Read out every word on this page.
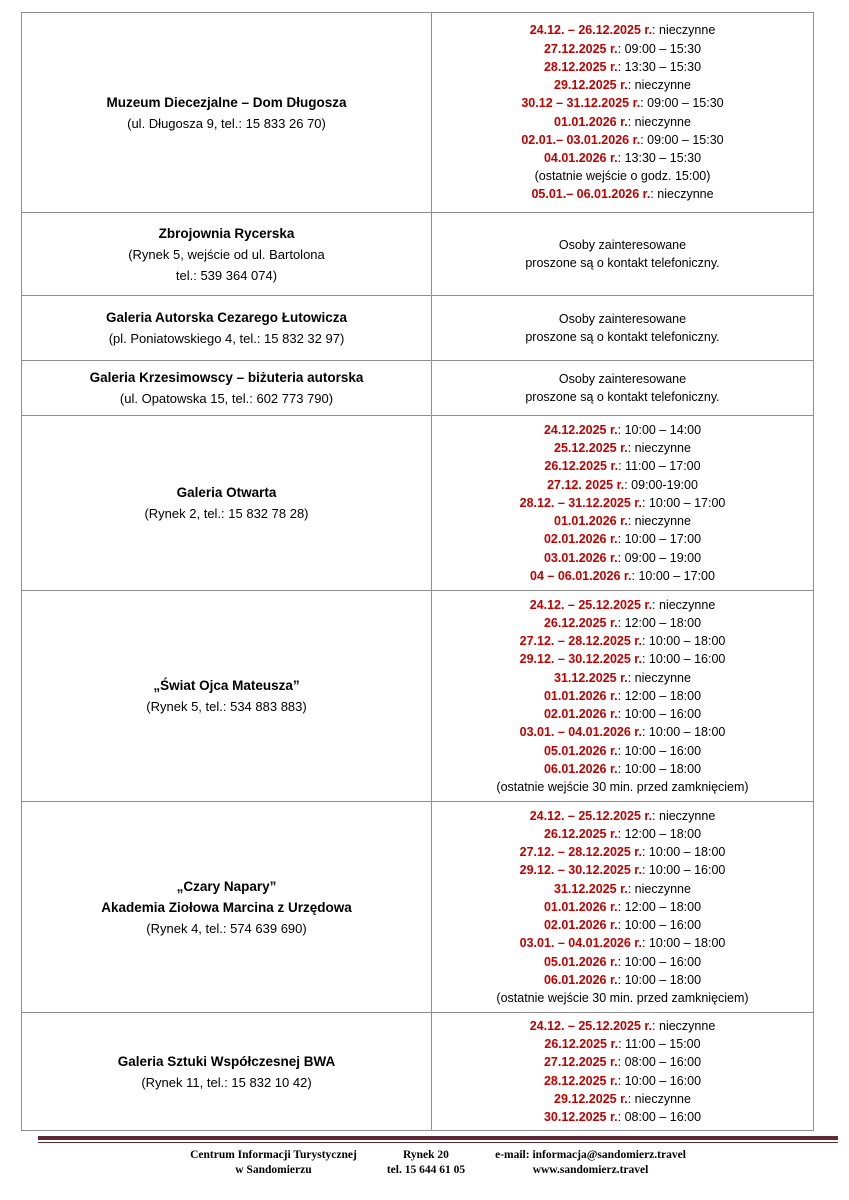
Muzeum Diecezjalne – Dom Długosza
(ul. Długosza 9, tel.: 15 833 26 70)
24.12. – 26.12.2025 r.: nieczynne
27.12.2025 r.: 09:00 – 15:30
28.12.2025 r.: 13:30 – 15:30
29.12.2025 r.: nieczynne
30.12 – 31.12.2025 r.: 09:00 – 15:30
01.01.2026 r.: nieczynne
02.01.– 03.01.2026 r.: 09:00 – 15:30
04.01.2026 r.: 13:30 – 15:30
(ostatnie wejście o godz. 15:00)
05.01.– 06.01.2026 r.: nieczynne
Zbrojownia Rycerska
(Rynek 5, wejście od ul. Bartolona
tel.: 539 364 074)
Osoby zainteresowane
proszone są o kontakt telefoniczny.
Galeria Autorska Cezarego Łutowicza
(pl. Poniatowskiego 4, tel.: 15 832 32 97)
Osoby zainteresowane
proszone są o kontakt telefoniczny.
Galeria Krzesimowscy – biżuteria autorska
(ul. Opatowska 15, tel.: 602 773 790)
Osoby zainteresowane
proszone są o kontakt telefoniczny.
Galeria Otwarta
(Rynek 2, tel.: 15 832 78 28)
24.12.2025 r.: 10:00 – 14:00
25.12.2025 r.: nieczynne
26.12.2025 r.: 11:00 – 17:00
27.12. 2025 r.: 09:00-19:00
28.12. – 31.12.2025 r.: 10:00 – 17:00
01.01.2026 r.: nieczynne
02.01.2026 r.: 10:00 – 17:00
03.01.2026 r.: 09:00 – 19:00
04 – 06.01.2026 r.: 10:00 – 17:00
„Świat Ojca Mateusza”
(Rynek 5, tel.: 534 883 883)
24.12. – 25.12.2025 r.: nieczynne
26.12.2025 r.: 12:00 – 18:00
27.12. – 28.12.2025 r.: 10:00 – 18:00
29.12. – 30.12.2025 r.: 10:00 – 16:00
31.12.2025 r.: nieczynne
01.01.2026 r.: 12:00 – 18:00
02.01.2026 r.: 10:00 – 16:00
03.01. – 04.01.2026 r.: 10:00 – 18:00
05.01.2026 r.: 10:00 – 16:00
06.01.2026 r.: 10:00 – 18:00
(ostatnie wejście 30 min. przed zamknięciem)
„Czary Napary”
Akademia Ziołowa Marcina z Urzędowa
(Rynek 4, tel.: 574 639 690)
24.12. – 25.12.2025 r.: nieczynne
26.12.2025 r.: 12:00 – 18:00
27.12. – 28.12.2025 r.: 10:00 – 18:00
29.12. – 30.12.2025 r.: 10:00 – 16:00
31.12.2025 r.: nieczynne
01.01.2026 r.: 12:00 – 18:00
02.01.2026 r.: 10:00 – 16:00
03.01. – 04.01.2026 r.: 10:00 – 18:00
05.01.2026 r.: 10:00 – 16:00
06.01.2026 r.: 10:00 – 18:00
(ostatnie wejście 30 min. przed zamknięciem)
Galeria Sztuki Współczesnej BWA
(Rynek 11, tel.: 15 832 10 42)
24.12. – 25.12.2025 r.: nieczynne
26.12.2025 r.: 11:00 – 15:00
27.12.2025 r.: 08:00 – 16:00
28.12.2025 r.: 10:00 – 16:00
29.12.2025 r.: nieczynne
30.12.2025 r.: 08:00 – 16:00
Centrum Informacji Turystycznej
w Sandomierzu
Rynek 20
tel. 15 644 61 05
e-mail: informacja@sandomierz.travel
www.sandomierz.travel
